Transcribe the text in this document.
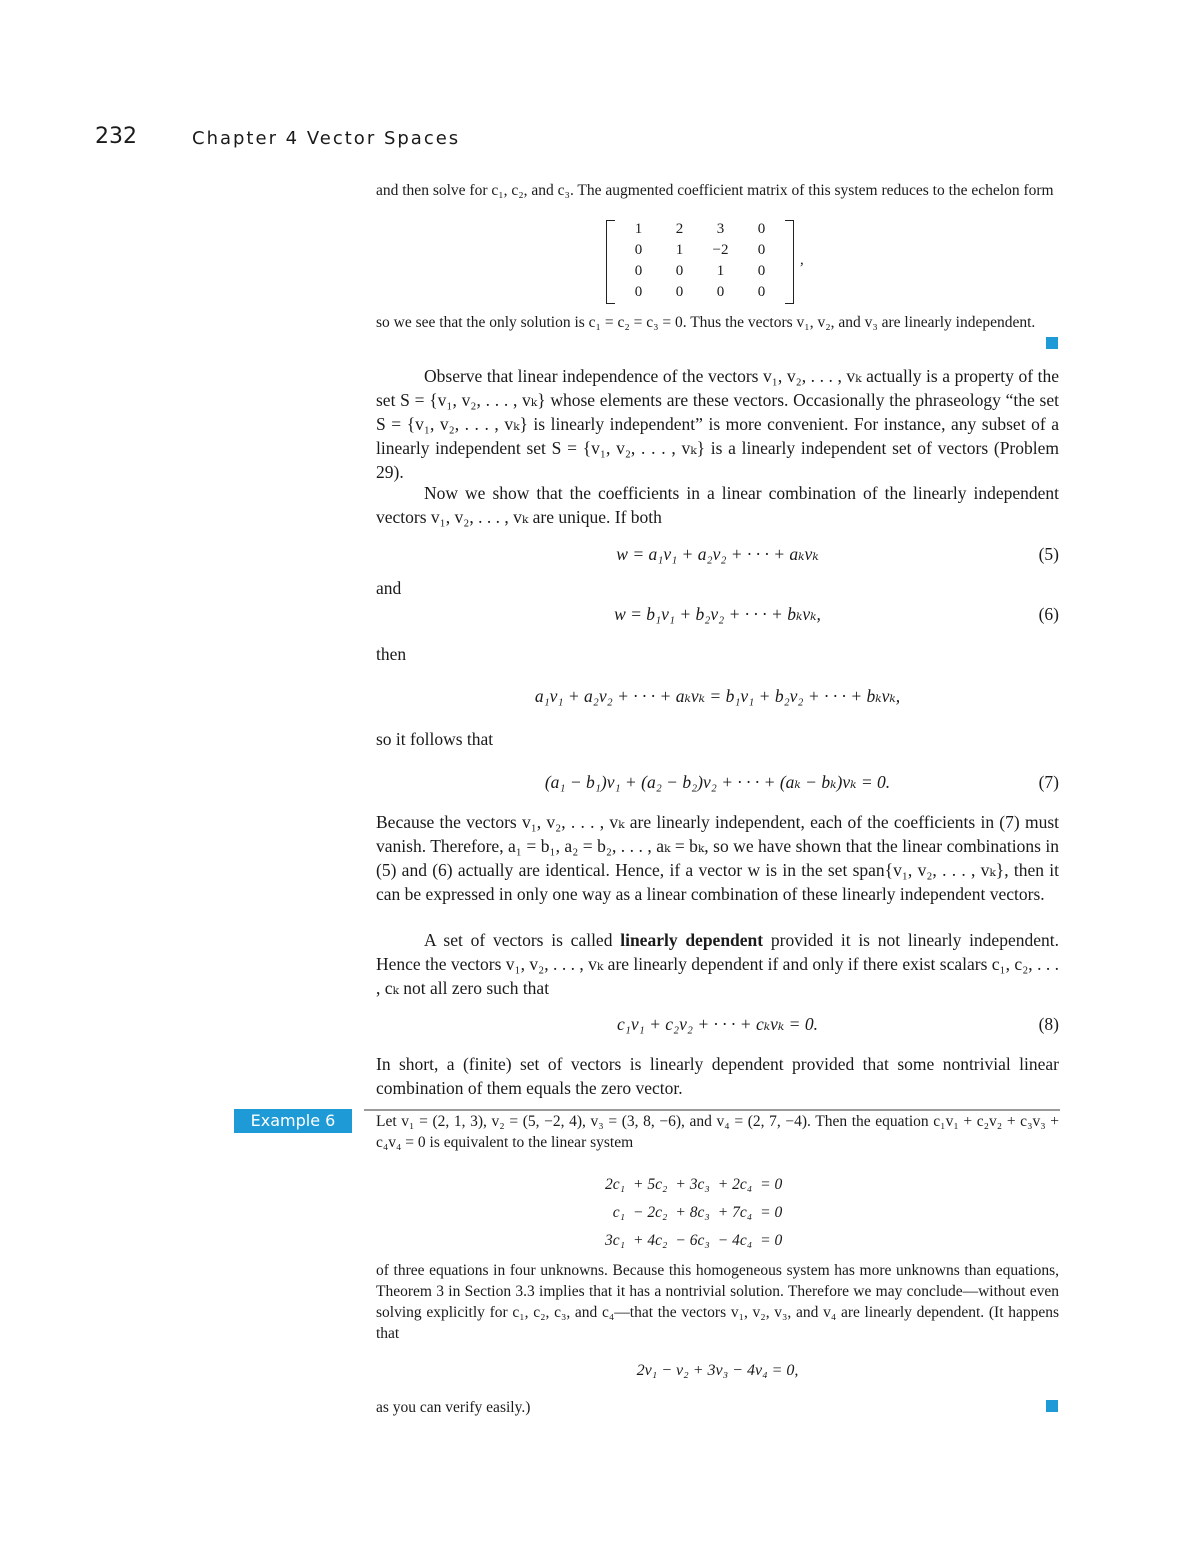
232	Chapter 4 Vector Spaces

and then solve for c₁, c₂, and c₃. The augmented coefficient matrix of this system reduces to the echelon form

1	2	3	0
0	1	−2	0
0	0	1	0
0	0	0	0
,

so we see that the only solution is c₁ = c₂ = c₃ = 0. Thus the vectors v₁, v₂, and v₃ are linearly independent.

Observe that linear independence of the vectors v₁, v₂, . . . , vₖ actually is a property of the set S = {v₁, v₂, . . . , vₖ} whose elements are these vectors. Occasionally the phraseology “the set S = {v₁, v₂, . . . , vₖ} is linearly independent” is more convenient. For instance, any subset of a linearly independent set S = {v₁, v₂, . . . , vₖ} is a linearly independent set of vectors (Problem 29).

Now we show that the coefficients in a linear combination of the linearly independent vectors v₁, v₂, . . . , vₖ are unique. If both

w = a₁v₁ + a₂v₂ + · · · + aₖvₖ	(5)
and
w = b₁v₁ + b₂v₂ + · · · + bₖvₖ,	(6)
then
a₁v₁ + a₂v₂ + · · · + aₖvₖ = b₁v₁ + b₂v₂ + · · · + bₖvₖ,
so it follows that
(a₁ − b₁)v₁ + (a₂ − b₂)v₂ + · · · + (aₖ − bₖ)vₖ = 0.	(7)

Because the vectors v₁, v₂, . . . , vₖ are linearly independent, each of the coefficients in (7) must vanish. Therefore, a₁ = b₁, a₂ = b₂, . . . , aₖ = bₖ, so we have shown that the linear combinations in (5) and (6) actually are identical. Hence, if a vector w is in the set span{v₁, v₂, . . . , vₖ}, then it can be expressed in only one way as a linear combination of these linearly independent vectors.

A set of vectors is called linearly dependent provided it is not linearly independent. Hence the vectors v₁, v₂, . . . , vₖ are linearly dependent if and only if there exist scalars c₁, c₂, . . . , cₖ not all zero such that

c₁v₁ + c₂v₂ + · · · + cₖvₖ = 0.	(8)

In short, a (finite) set of vectors is linearly dependent provided that some nontrivial linear combination of them equals the zero vector.

Example 6	Let v₁ = (2, 1, 3), v₂ = (5, −2, 4), v₃ = (3, 8, −6), and v₄ = (2, 7, −4). Then the equation c₁v₁ + c₂v₂ + c₃v₃ + c₄v₄ = 0 is equivalent to the linear system

2c₁	+ 5c₂	+ 3c₃	+ 2c₄	= 0
c₁	− 2c₂	+ 8c₃	+ 7c₄	= 0
3c₁	+ 4c₂	− 6c₃	− 4c₄	= 0

of three equations in four unknowns. Because this homogeneous system has more unknowns than equations, Theorem 3 in Section 3.3 implies that it has a nontrivial solution. Therefore we may conclude—without even solving explicitly for c₁, c₂, c₃, and c₄—that the vectors v₁, v₂, v₃, and v₄ are linearly dependent. (It happens that

2v₁ − v₂ + 3v₃ − 4v₄ = 0,
as you can verify easily.)
